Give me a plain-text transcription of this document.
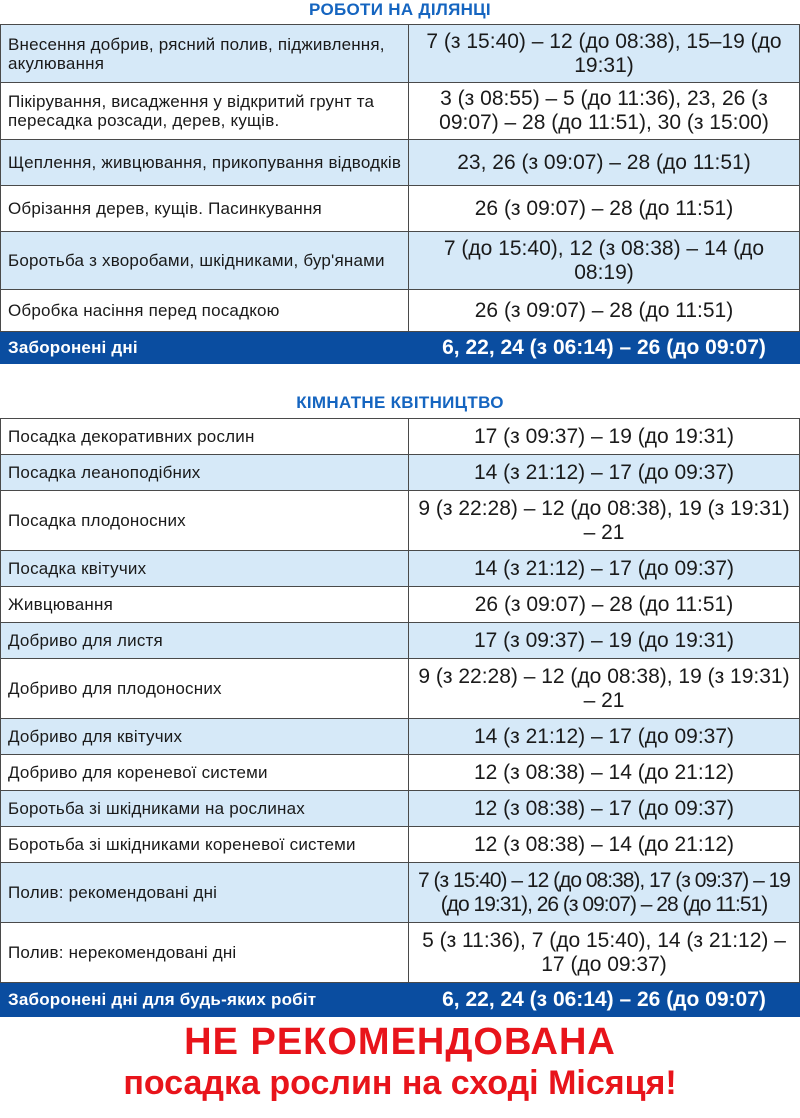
РОБОТИ НА ДІЛЯНЦІ
Внесення добрив, рясний полив, підживлення, акулювання	7 (з 15:40) – 12 (до 08:38), 15–19 (до 19:31)
Пікірування, висадження у відкритий грунт та пересадка розсади, дерев, кущів.	3 (з 08:55) – 5 (до 11:36), 23, 26 (з 09:07) – 28 (до 11:51), 30 (з 15:00)
Щеплення, живцювання, прикопування відводків	23, 26 (з 09:07) – 28 (до 11:51)
Обрізання дерев, кущів. Пасинкування	26 (з 09:07) – 28 (до 11:51)
Боротьба з хворобами, шкідниками, бур'янами	7 (до 15:40), 12 (з 08:38) – 14 (до 08:19)
Обробка насіння перед посадкою	26 (з 09:07) – 28 (до 11:51)
Заборонені дні	6, 22, 24 (з 06:14) – 26 (до 09:07)
КІМНАТНЕ КВІТНИЦТВО
Посадка декоративних рослин	17 (з 09:37) – 19 (до 19:31)
Посадка леаноподібних	14 (з 21:12) – 17 (до 09:37)
Посадка плодоносних	9 (з 22:28) – 12 (до 08:38), 19 (з 19:31) – 21
Посадка квітучих	14 (з 21:12) – 17 (до 09:37)
Живцювання	26 (з 09:07) – 28 (до 11:51)
Добриво для листя	17 (з 09:37) – 19 (до 19:31)
Добриво для плодоносних	9 (з 22:28) – 12 (до 08:38), 19 (з 19:31) – 21
Добриво для квітучих	14 (з 21:12) – 17 (до 09:37)
Добриво для кореневої системи	12 (з 08:38) – 14 (до 21:12)
Боротьба зі шкідниками на рослинах	12 (з 08:38) – 17 (до 09:37)
Боротьба зі шкідниками кореневої системи	12 (з 08:38) – 14 (до 21:12)
Полив: рекомендовані дні	7 (з 15:40) – 12 (до 08:38), 17 (з 09:37) – 19 (до 19:31), 26 (з 09:07) – 28 (до 11:51)
Полив: нерекомендовані дні	5 (з 11:36), 7 (до 15:40), 14 (з 21:12) – 17 (до 09:37)
Заборонені дні для будь-яких робіт	6, 22, 24 (з 06:14) – 26 (до 09:07)
НЕ РЕКОМЕНДОВАНА
посадка рослин на сході Місяця!
